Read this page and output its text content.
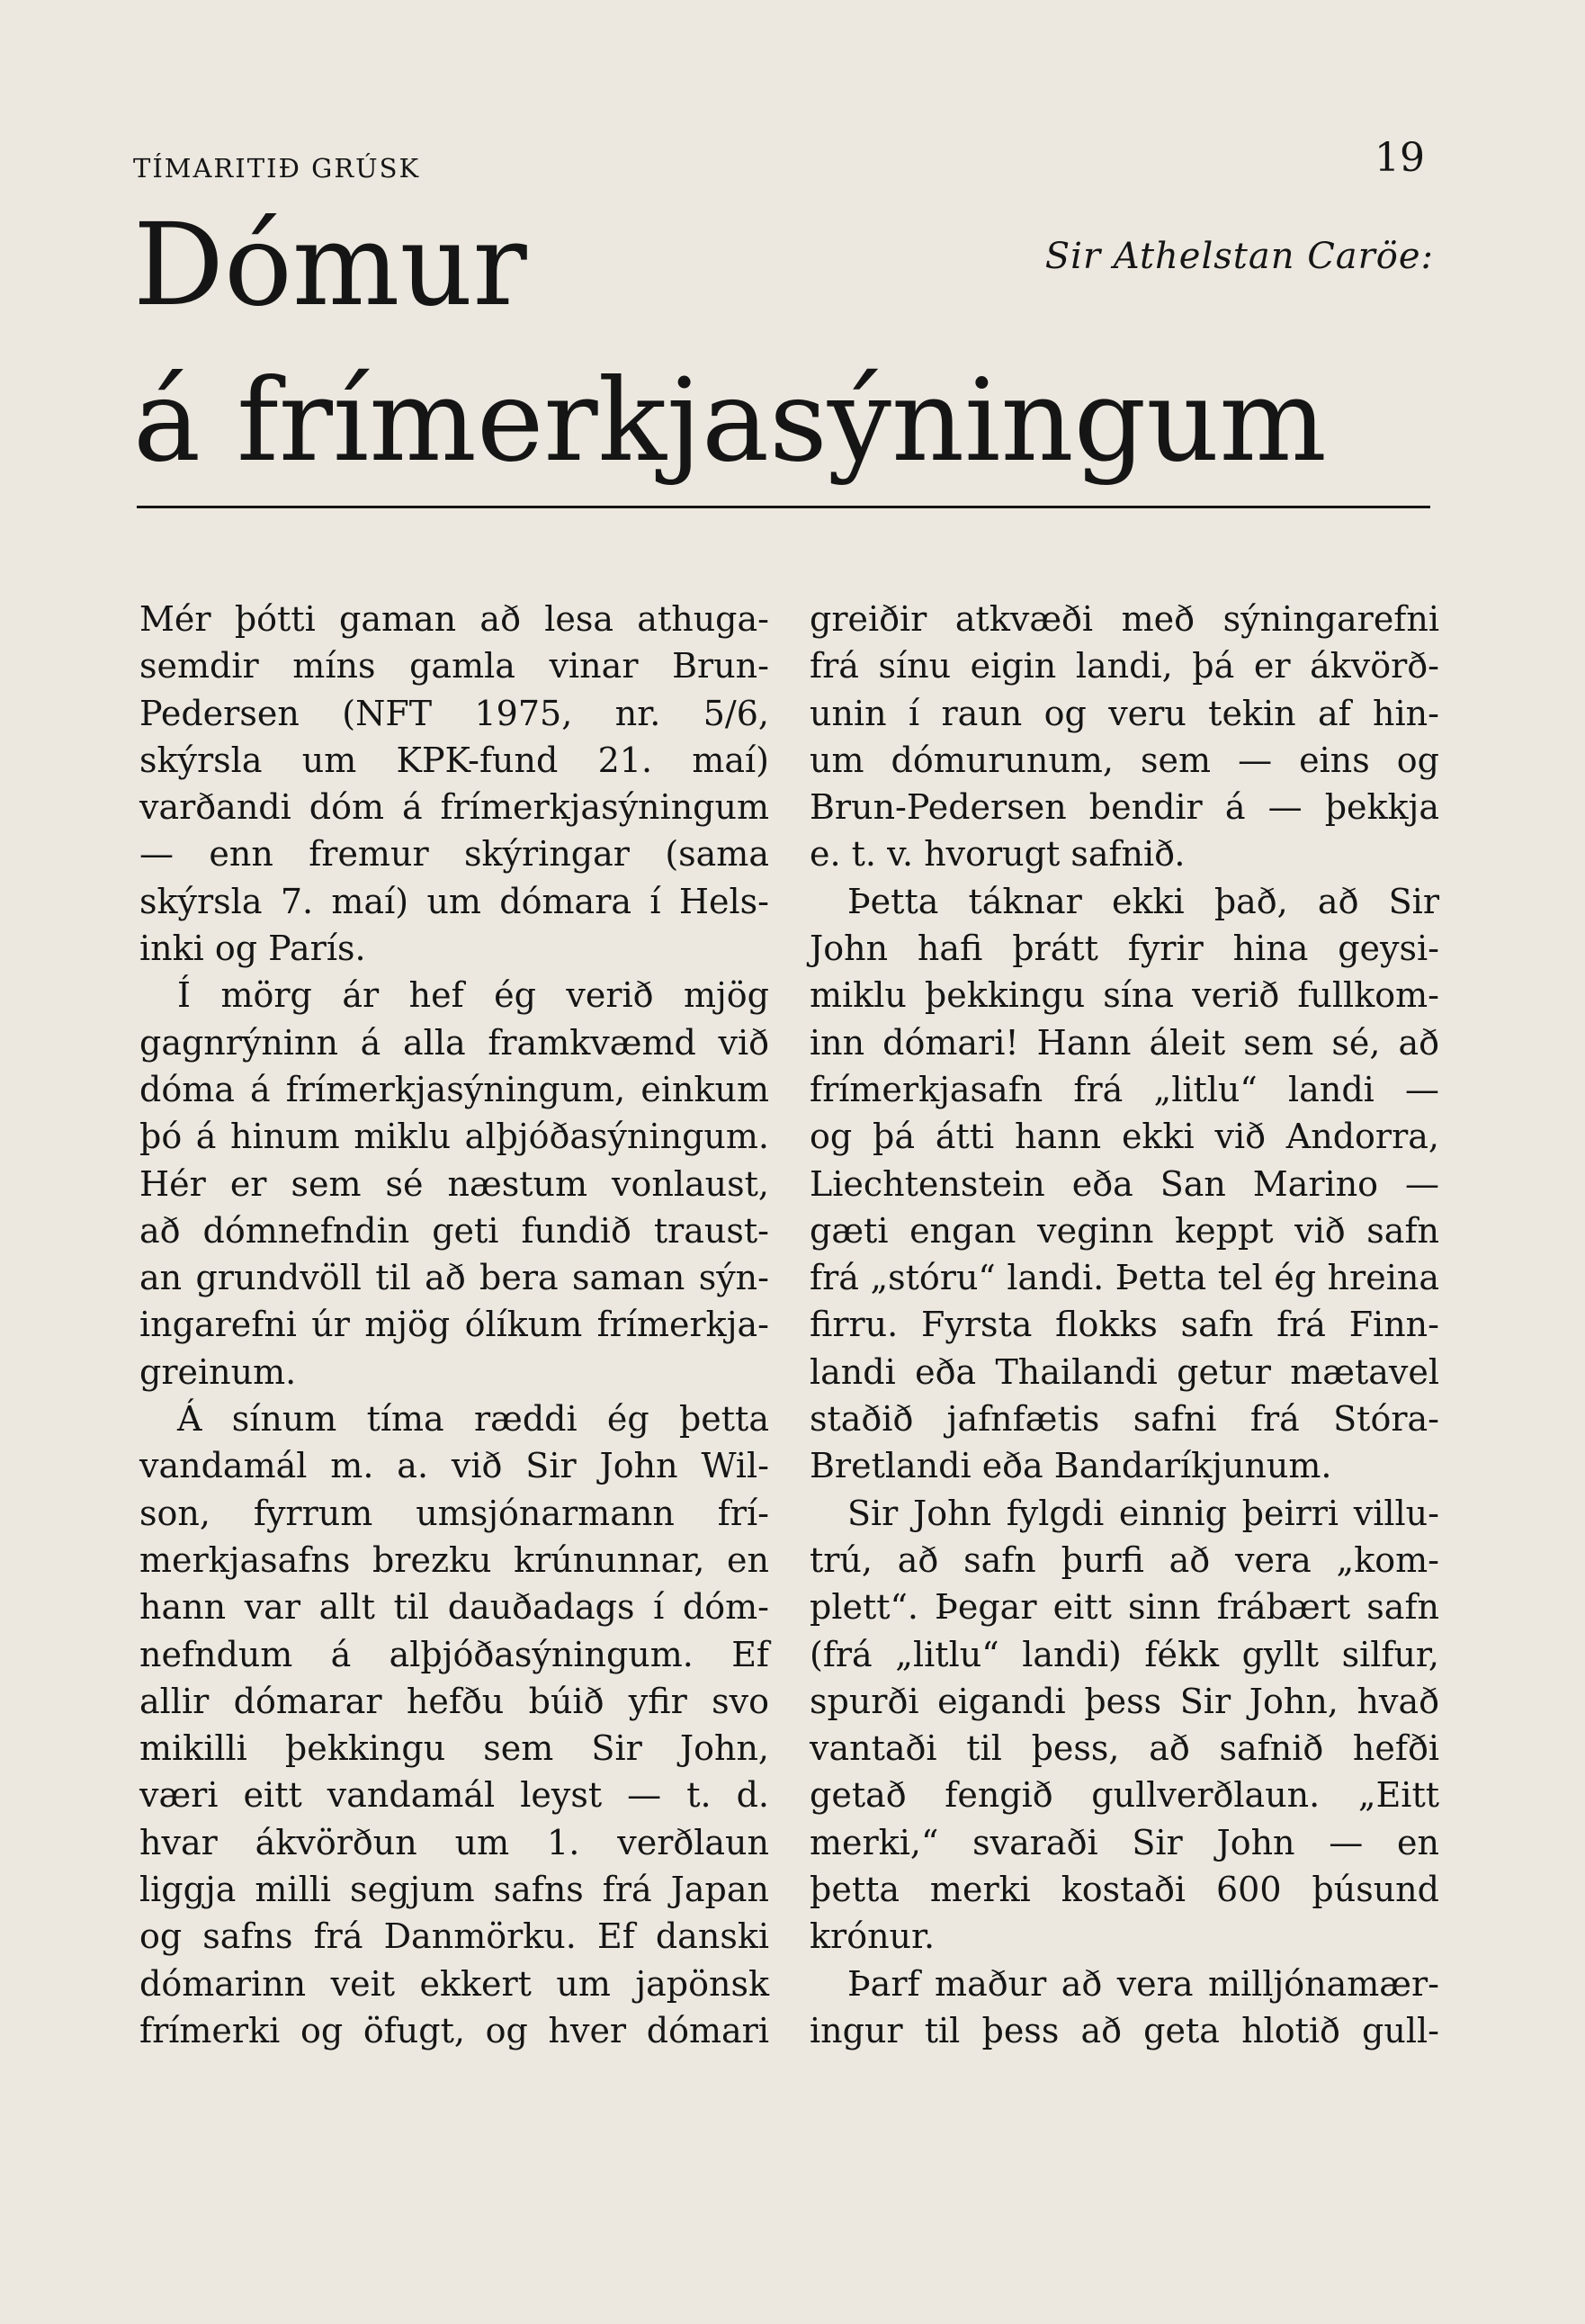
TÍMARITIÐ GRÚSK	19
Dómur	Sir Athelstan Caröe:
á frímerkjasýningum
Mér þótti gaman að lesa athuga-
semdir míns gamla vinar Brun-
Pedersen (NFT 1975, nr. 5/6,
skýrsla um KPK-fund 21. maí)
varðandi dóm á frímerkjasýningum
— enn fremur skýringar (sama
skýrsla 7. maí) um dómara í Hels-
inki og París.
Í mörg ár hef ég verið mjög
gagnrýninn á alla framkvæmd við
dóma á frímerkjasýningum, einkum
þó á hinum miklu alþjóðasýningum.
Hér er sem sé næstum vonlaust,
að dómnefndin geti fundið traust-
an grundvöll til að bera saman sýn-
ingarefni úr mjög ólíkum frímerkja-
greinum.
Á sínum tíma ræddi ég þetta
vandamál m. a. við Sir John Wil-
son, fyrrum umsjónarmann frí-
merkjasafns brezku krúnunnar, en
hann var allt til dauðadags í dóm-
nefndum á alþjóðasýningum. Ef
allir dómarar hefðu búið yfir svo
mikilli þekkingu sem Sir John,
væri eitt vandamál leyst — t. d.
hvar ákvörðun um 1. verðlaun
liggja milli segjum safns frá Japan
og safns frá Danmörku. Ef danski
dómarinn veit ekkert um japönsk
frímerki og öfugt, og hver dómari
greiðir atkvæði með sýningarefni
frá sínu eigin landi, þá er ákvörð-
unin í raun og veru tekin af hin-
um dómurunum, sem — eins og
Brun-Pedersen bendir á — þekkja
e. t. v. hvorugt safnið.
Þetta táknar ekki það, að Sir
John hafi þrátt fyrir hina geysi-
miklu þekkingu sína verið fullkom-
inn dómari! Hann áleit sem sé, að
frímerkjasafn frá „litlu“ landi —
og þá átti hann ekki við Andorra,
Liechtenstein eða San Marino —
gæti engan veginn keppt við safn
frá „stóru“ landi. Þetta tel ég hreina
firru. Fyrsta flokks safn frá Finn-
landi eða Thailandi getur mætavel
staðið jafnfætis safni frá Stóra-
Bretlandi eða Bandaríkjunum.
Sir John fylgdi einnig þeirri villu-
trú, að safn þurfi að vera „kom-
plett“. Þegar eitt sinn frábært safn
(frá „litlu“ landi) fékk gyllt silfur,
spurði eigandi þess Sir John, hvað
vantaði til þess, að safnið hefði
getað fengið gullverðlaun. „Eitt
merki,“ svaraði Sir John — en
þetta merki kostaði 600 þúsund
krónur.
Þarf maður að vera milljónamær-
ingur til þess að geta hlotið gull-
